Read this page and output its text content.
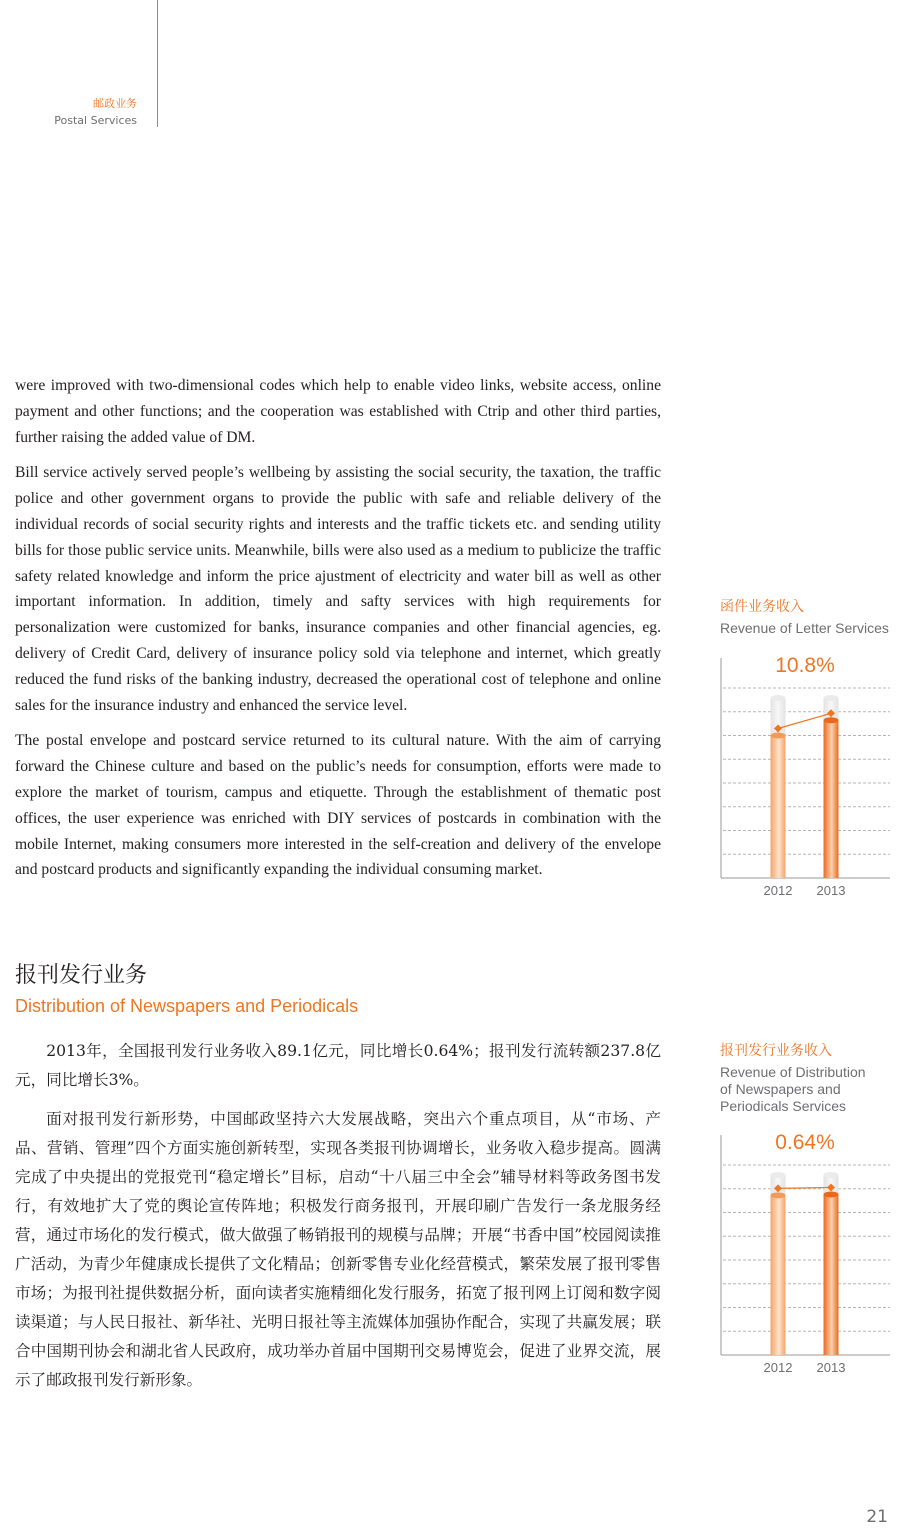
邮政业务
Postal Services

were improved with two-dimensional codes which help to enable video links, website access, online payment and other functions; and the cooperation was established with Ctrip and other third parties, further raising the added value of DM.

Bill service actively served people’s wellbeing by assisting the social security, the taxation, the traffic police and other government organs to provide the public with safe and reliable delivery of the individual records of social security rights and interests and the traffic tickets etc. and sending utility bills for those public service units. Meanwhile, bills were also used as a medium to publicize the traffic safety related knowledge and inform the price ajustment of electricity and water bill as well as other important information. In addition, timely and safty services with high requirements for personalization were customized for banks, insurance companies and other financial agencies, eg. delivery of Credit Card, delivery of insurance policy sold via telephone and internet, which greatly reduced the fund risks of the banking industry, decreased the operational cost of telephone and online sales for the insurance industry and enhanced the service level.

The postal envelope and postcard service returned to its cultural nature. With the aim of carrying forward the Chinese culture and based on the public’s needs for consumption, efforts were made to explore the market of tourism, campus and etiquette. Through the establishment of thematic post offices, the user experience was enriched with DIY services of postcards in combination with the mobile Internet, making consumers more interested in the self-creation and delivery of the envelope and postcard products and significantly expanding the individual consuming market.

报刊发行业务
Distribution of Newspapers and Periodicals

2013年，全国报刊发行业务收入89.1亿元，同比增长0.64%；报刊发行流转额237.8亿元，同比增长3%。

面对报刊发行新形势，中国邮政坚持六大发展战略，突出六个重点项目，从“市场、产品、营销、管理”四个方面实施创新转型，实现各类报刊协调增长，业务收入稳步提高。圆满完成了中央提出的党报党刊“稳定增长”目标，启动“十八届三中全会”辅导材料等政务图书发行，有效地扩大了党的舆论宣传阵地；积极发行商务报刊，开展印刷广告发行一条龙服务经营，通过市场化的发行模式，做大做强了畅销报刊的规模与品牌；开展“书香中国”校园阅读推广活动，为青少年健康成长提供了文化精品；创新零售专业化经营模式，繁荣发展了报刊零售市场；为报刊社提供数据分析，面向读者实施精细化发行服务，拓宽了报刊网上订阅和数字阅读渠道；与人民日报社、新华社、光明日报社等主流媒体加强协作配合，实现了共赢发展；联合中国期刊协会和湖北省人民政府，成功举办首届中国期刊交易博览会，促进了业界交流，展示了邮政报刊发行新形象。

函件业务收入
Revenue of Letter Services
10.8%
2012 2013
报刊发行业务收入
Revenue of Distribution of Newspapers and Periodicals Services
0.64%
2012 2013
21
